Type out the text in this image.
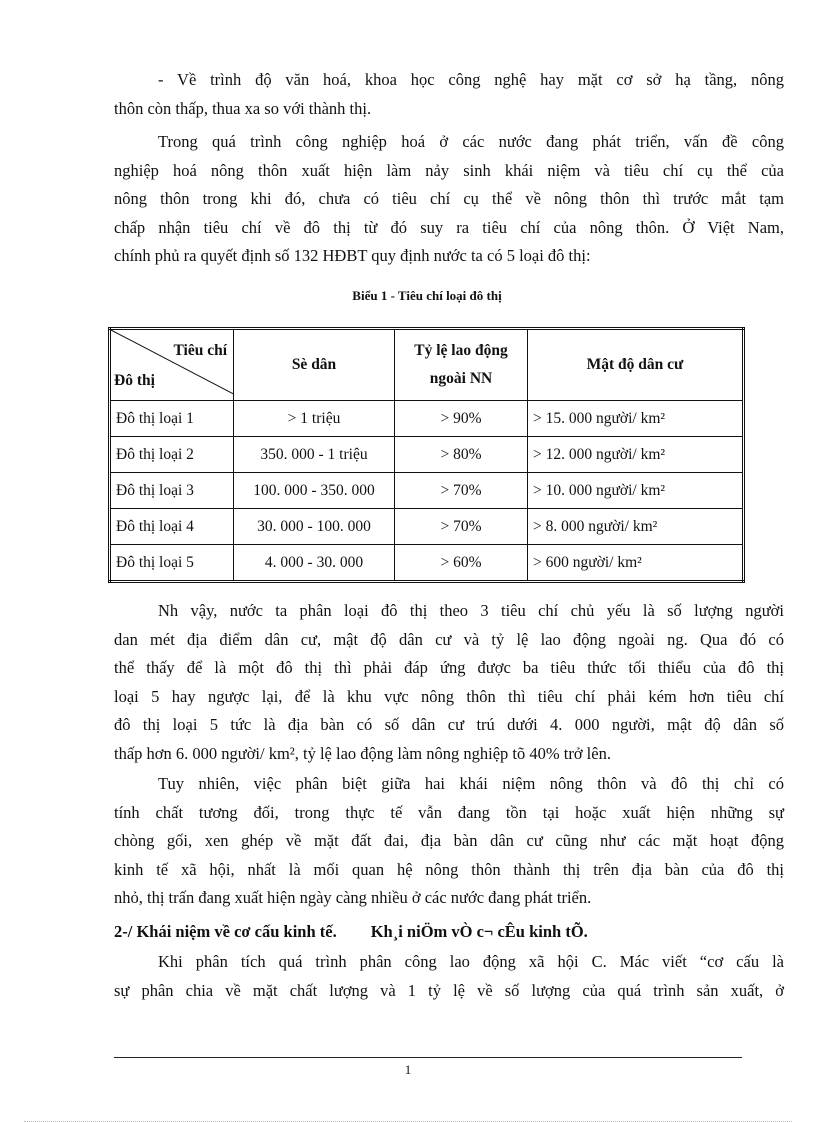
- Về trình độ văn hoá, khoa học công nghệ hay mặt cơ sở hạ tầng, nông
thôn còn thấp, thua xa so với thành thị.

Trong quá trình công nghiệp hoá ở các nước đang phát triển, vấn đề công
nghiệp hoá nông thôn xuất hiện làm nảy sinh khái niệm và tiêu chí cụ thể của
nông thôn trong khi đó, chưa có tiêu chí cụ thể về nông thôn thì trước mắt tạm
chấp nhận tiêu chí về đô thị từ đó suy ra tiêu chí của nông thôn. Ở Việt Nam,
chính phủ ra quyết định số 132 HĐBT quy định nước ta có 5 loại đô thị:

Biểu 1 - Tiêu chí loại đô thị
Tiêu chí
Đô thị	Sè dân	Tỷ lệ lao động ngoài NN	Mật độ dân cư
Đô thị loại 1	> 1 triệu	> 90%	> 15. 000 người/ km²
Đô thị loại 2	350. 000 - 1 triệu	> 80%	> 12. 000 người/ km²
Đô thị loại 3	100. 000 - 350. 000	> 70%	> 10. 000 người/ km²
Đô thị loại 4	30. 000 - 100. 000	> 70%	> 8. 000 người/ km²
Đô thị loại 5	4. 000 - 30. 000	> 60%	> 600 người/ km²

Nh vậy, nước ta phân loại đô thị theo 3 tiêu chí chủ yếu là số lượng người
dan mét địa điểm dân cư, mật độ dân cư và tỷ lệ lao động ngoài ng. Qua đó có
thể thấy để là một đô thị thì phải đáp ứng được ba tiêu thức tối thiểu của đô thị
loại 5 hay ngược lại, để là khu vực nông thôn thì tiêu chí phải kém hơn tiêu chí
đô thị loại 5 tức là địa bàn có số dân cư trú dưới 4. 000 người, mật độ dân số
thấp hơn 6. 000 người/ km², tỷ lệ lao động làm nông nghiệp tõ 40% trở lên.

Tuy nhiên, việc phân biệt giữa hai khái niệm nông thôn và đô thị chỉ có
tính chất tương đối, trong thực tế vẫn đang tồn tại hoặc xuất hiện những sự
chòng gối, xen ghép về mặt đất đai, địa bàn dân cư cũng như các mặt hoạt động
kinh tế xã hội, nhất là mối quan hệ nông thôn thành thị trên địa bàn của đô thị
nhỏ, thị trấn đang xuất hiện ngày càng nhiều ở các nước đang phát triển.

2-/ Khái niệm về cơ cấu kinh tế. Kh¸i niÖm vÒ c¬ cÊu kinh tÕ.

Khi phân tích quá trình phân công lao động xã hội C. Mác viết “cơ cấu là
sự phân chia về mặt chất lượng và 1 tỷ lệ về số lượng của quá trình sản xuất, ở

1
